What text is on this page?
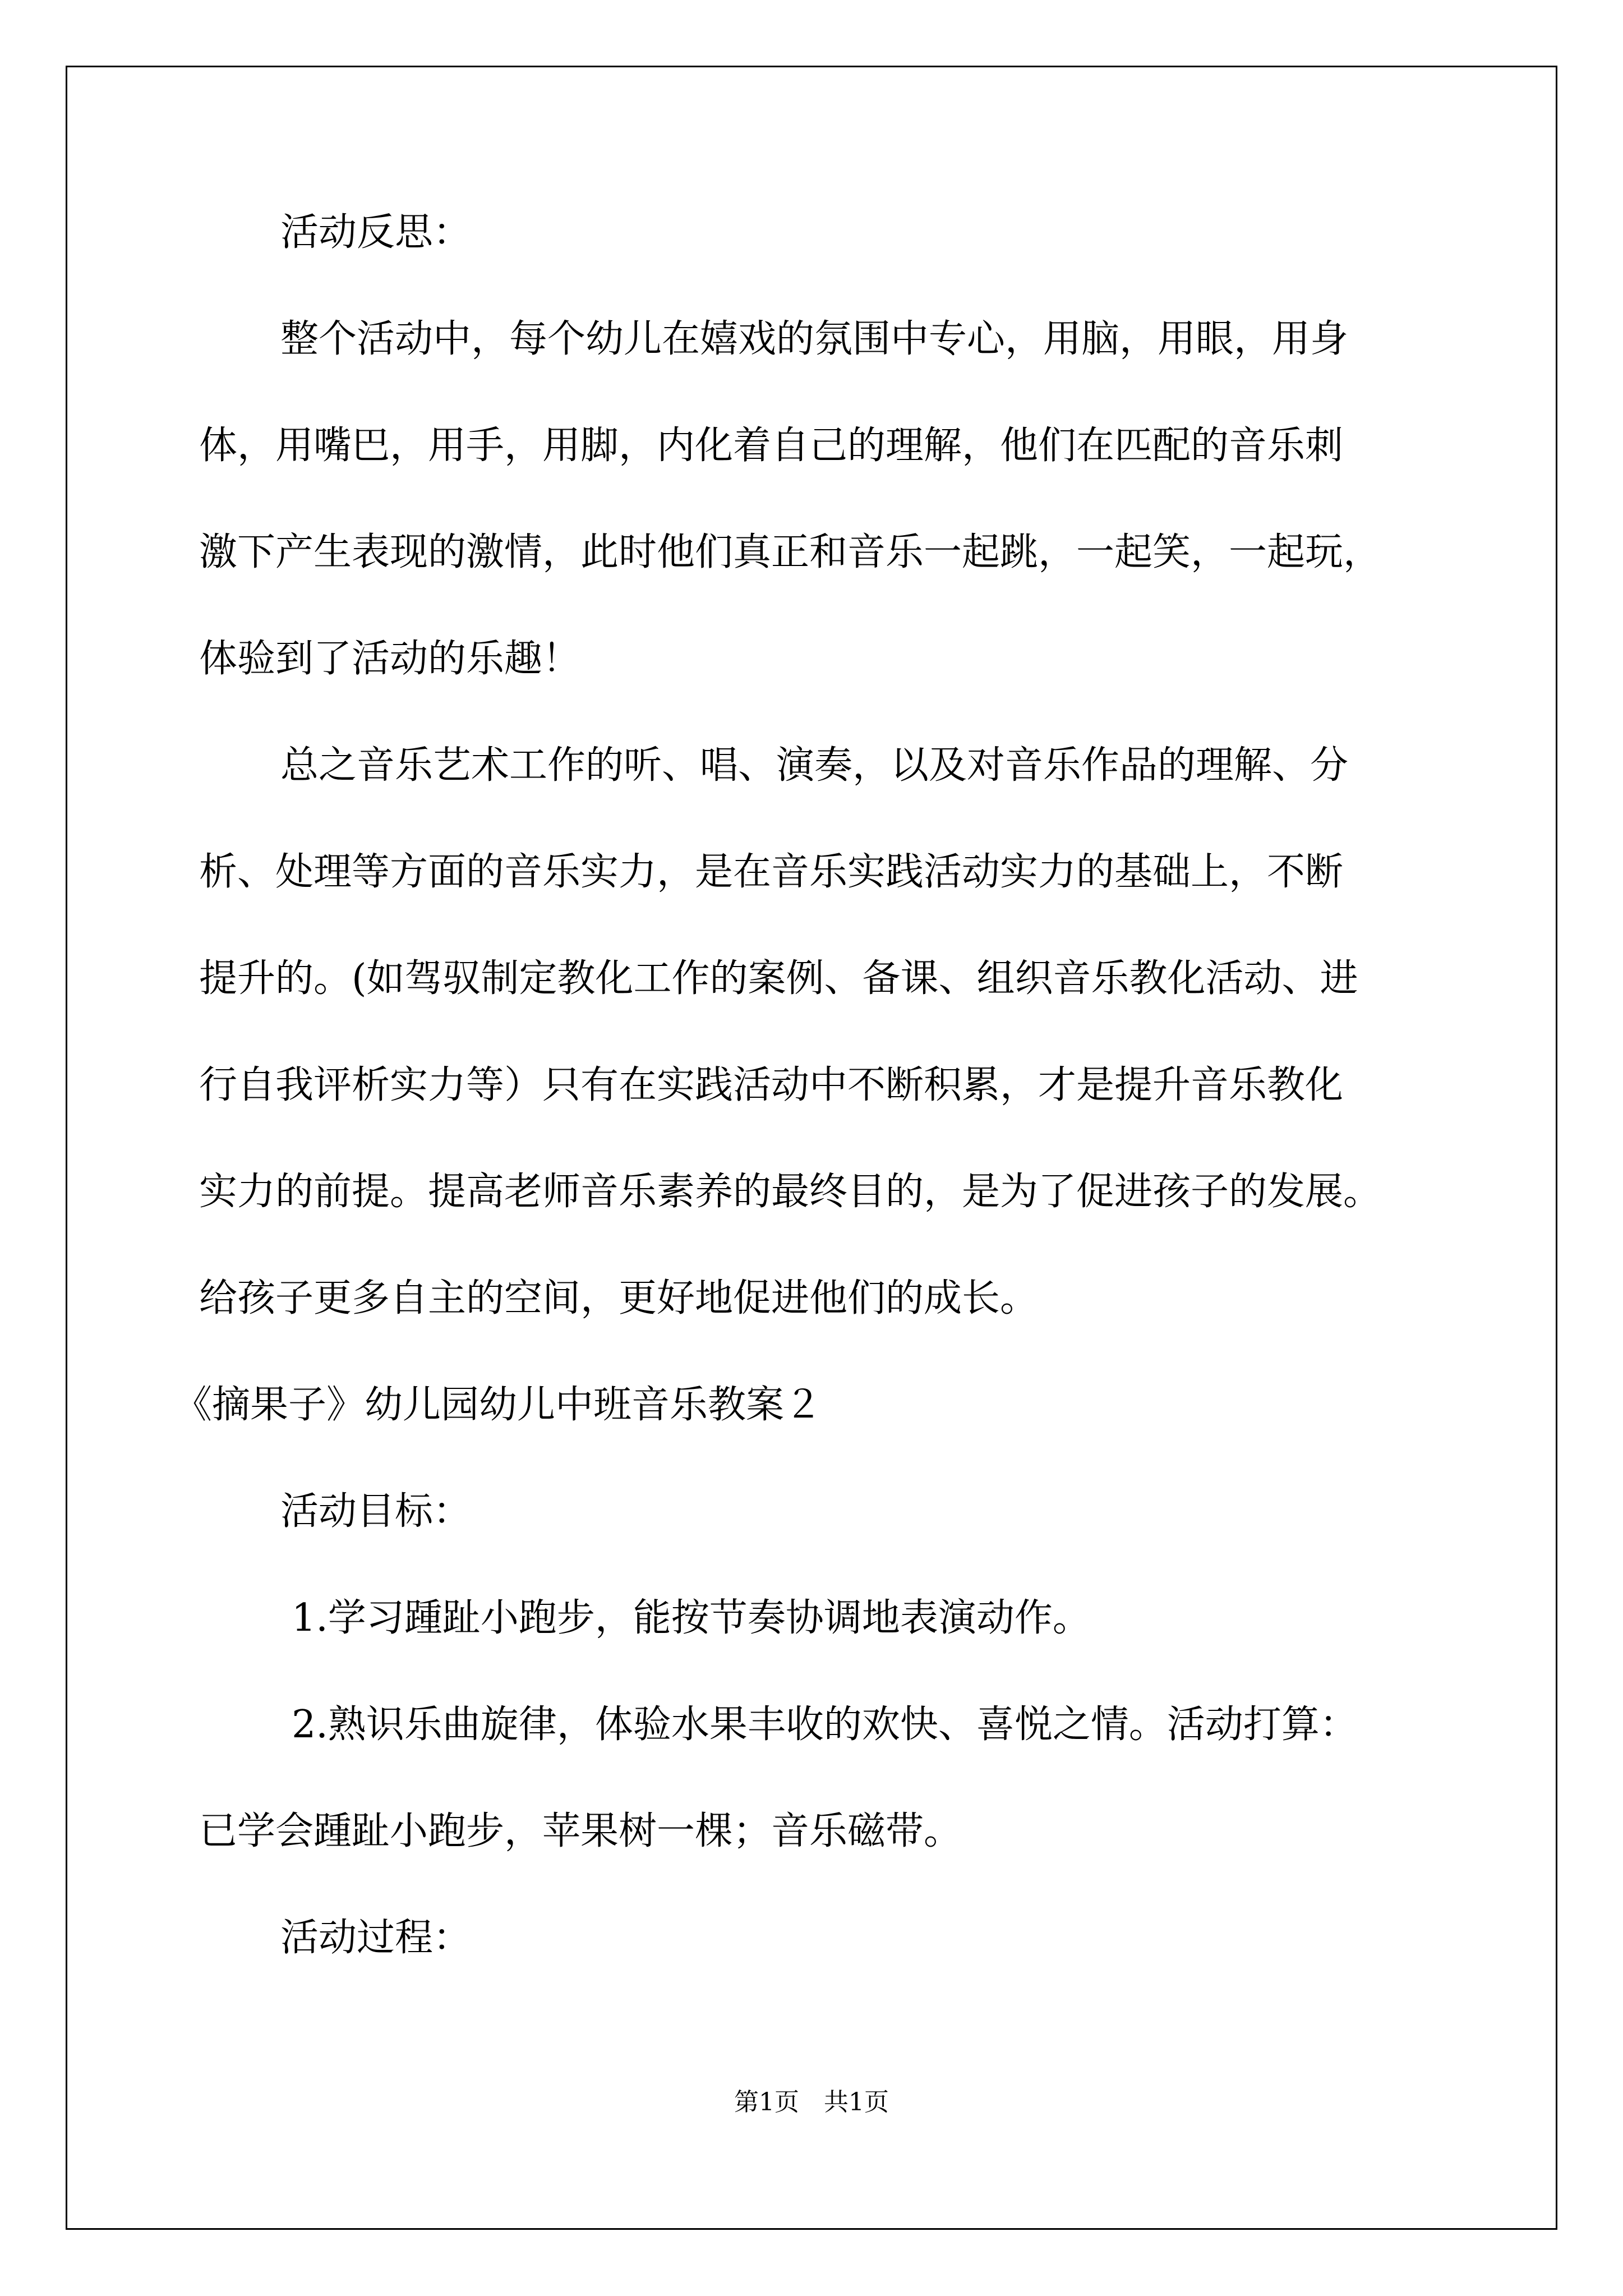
活动反思：

整个活动中，每个幼儿在嬉戏的氛围中专心，用脑，用眼，用身

体，用嘴巴，用手，用脚，内化着自己的理解，他们在匹配的音乐刺

激下产生表现的激情，此时他们真正和音乐一起跳，一起笑，一起玩，

体验到了活动的乐趣！

总之音乐艺术工作的听、唱、演奏，以及对音乐作品的理解、分

析、处理等方面的音乐实力，是在音乐实践活动实力的基础上，不断

提升的。(如驾驭制定教化工作的案例、备课、组织音乐教化活动、进

行自我评析实力等）只有在实践活动中不断积累，才是提升音乐教化

实力的前提。提高老师音乐素养的最终目的，是为了促进孩子的发展。

给孩子更多自主的空间，更好地促进他们的成长。

《摘果子》幼儿园幼儿中班音乐教案２

活动目标：

1.学习踵趾小跑步，能按节奏协调地表演动作。

2.熟识乐曲旋律，体验水果丰收的欢快、喜悦之情。活动打算：

已学会踵趾小跑步，苹果树一棵；音乐磁带。

活动过程：

第1页　共1页
